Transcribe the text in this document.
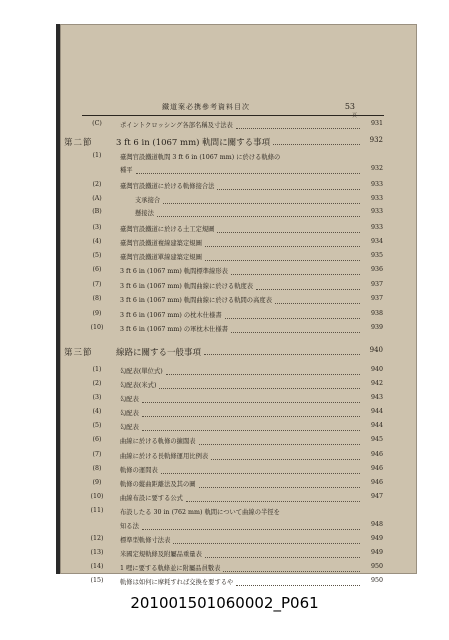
鐵道案必携參考資料目次	53
(C)	ポイントクロッシング各部名稱及寸法表	931
頁
第二節	3 ft 6 in (1067 mm) 軌間に關する事項	932
(1)	臺灣官設鐵道軌間 3 ft 6 in (1067 mm) に於ける軌條の
種平	932
(2)	臺灣官設鐵道に於ける軌條接合法	933
(A)	支承接合	933
(B)	懸接法	933
(3)	臺灣官設鐵道に於ける土工定規圖	933
(4)	臺灣官設鐵道複線建築定規圖	934
(5)	臺灣官設鐵道單線建築定規圖	935
(6)	3 ft 6 in (1067 mm) 軌間標準線形表	936
(7)	3 ft 6 in (1067 mm) 軌間曲線に於ける軌度表	937
(8)	3 ft 6 in (1067 mm) 軌間曲線に於ける軌間の高度表	937
(9)	3 ft 6 in (1067 mm) の枕木仕様書	938
(10)	3 ft 6 in (1067 mm) の軍枕木仕様書	939
第三節	線路に關する一般事項	940
(1)	勾配表(單位式)	940
(2)	勾配表(米式)	942
(3)	勾配表	943
(4)	勾配表	944
(5)	勾配表	944
(6)	曲線に於ける軌條の擴闊表	945
(7)	曲線に於ける長軌條運用比例表	946
(8)	軌條の運間表	946
(9)	軌條の縱曲距離法及其の圖	946
(10)	曲線布設に要する公式	947
(11)	布設したる 30 in (762 mm) 軌間について曲線の半徑を
知る法	948
(12)	標準型軌條寸法表	949
(13)	米國定規軌條及附屬品重量表	949
(14)	1 哩に要する軌條並に附屬品員數表	950
(15)	軌條は如何に摩耗すれば交換を要するや	950
201001501060002_P061
